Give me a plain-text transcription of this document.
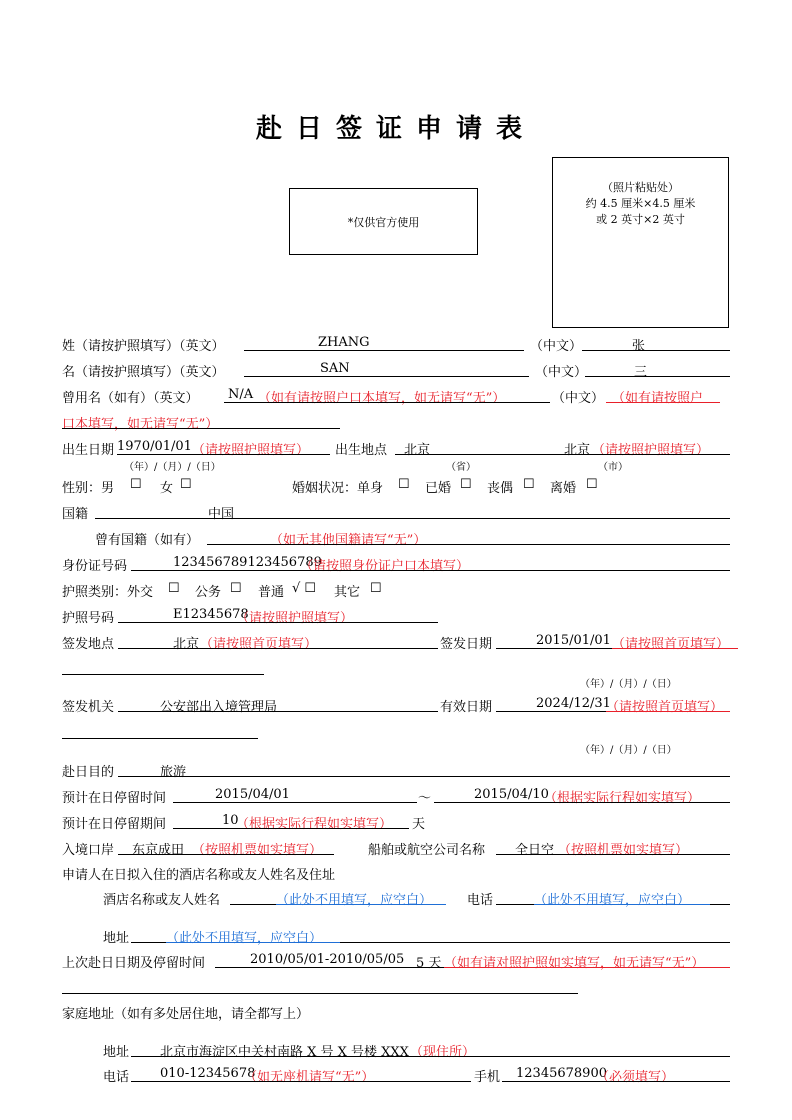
赴日签证申请表
*仅供官方使用
（照片粘贴处）
约 4.5 厘米×4.5 厘米
或 2 英寸×2 英寸
姓（请按护照填写）（英文）	ZHANG	（中文）	张
名（请按护照填写）（英文）	SAN	（中文）	三
曾用名（如有）（英文） N/A （如有请按照户口本填写，如无请写“无”）	（中文） （如有请按照户
口本填写，如无请写“无”）
出生日期 1970/01/01 （请按照护照填写） 出生地点 北京	北京 （请按照护照填写）
（年）/（月）/（日）	（省）	（市）
性别：男 ☐ 女 ☐	婚姻状况：单身 ☐ 已婚 ☐ 丧偶 ☐ 离婚 ☐
国籍	中国
曾有国籍（如有）	（如无其他国籍请写“无”）
身份证号码	123456789123456789
（请按照身份证户口本填写）
护照类别：外交 ☐ 公务 ☐ 普通 √ ☐ 其它 ☐
护照号码	E12345678
（请按照护照填写）
签发地点	北京 （请按照首页填写）	签发日期	2015/01/01 （请按照首页填写）
（年）/（月）/（日）
签发机关	公安部出入境管理局	有效日期	2024/12/31
（请按照首页填写）
（年）/（月）/（日）
赴日目的	旅游
预计在日停留时间	2015/04/01	～	2015/04/10
（根据实际行程如实填写）
预计在日停留期间	10
（根据实际行程如实填写） 天
入境口岸 东京成田 （按照机票如实填写）	船舶或航空公司名称 全日空 （按照机票如实填写）
申请人在日拟入住的酒店名称或友人姓名及住址
酒店名称或友人姓名	（此处不用填写，应空白）	电话	（此处不用填写，应空白）
地址	（此处不用填写，应空白）
上次赴日日期及停留时间	2010/05/01-2010/05/05 5 天 （如有请对照护照如实填写，如无请写“无”）
家庭地址（如有多处居住地，请全都写上）
地址 北京市海淀区中关村南路 X 号 X 号楼 XXX （现住所）
电话 010-12345678
（如无座机请写“无”）	手机 12345678900
（必须填写）
